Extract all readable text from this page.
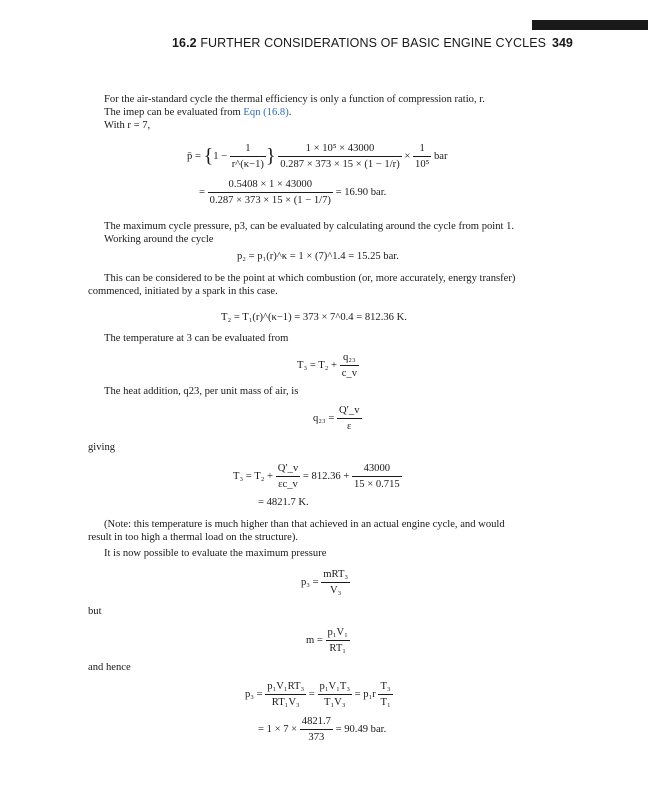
16.2 FURTHER CONSIDERATIONS OF BASIC ENGINE CYCLES 349
For the air-standard cycle the thermal efficiency is only a function of compression ratio, r.
The imep can be evaluated from Eqn (16.8).
With r = 7,
p̄ = {$1 - \frac{1}{r\^{}(\kappa-1)}$ } $\frac{\text{1 × 10⁵ × 43000}}{0.287 \times 373 \times 15 \times (1 - 1/r)} \times \frac{1}{\text{10⁵}}$ bar
= $\frac{0.5408 \times 1 \times 43000}{0.287 \times 373 \times 15 \times (1 - 1/7)} = 16.90$ bar.
The maximum cycle pressure, p3, can be evaluated by calculating around the cycle from point 1.
Working around the cycle
p₂ = p₁(r)^κ = 1 × (7)^1.4 = 15.25 bar.
This can be considered to be the point at which combustion (or, more accurately, energy transfer)
commenced, initiated by a spark in this case.
T₂ = T₁(r)^(κ−1) = 373 × 7^0.4 = 812.36 K.
The temperature at 3 can be evaluated from
$T_3 = T_2 + \frac{\text{q₂₃}}{c\_v}$
The heat addition, q23, per unit mass of air, is
$q_{23} = \frac{Q'\_v}{\varepsilon}$
giving
$T_3 = T_2 + \frac{Q'\_v}{\varepsilon c\_v} = 812.36 + \frac{43000}{15 \times 0.715}$
= 4821.7 K.
(Note: this temperature is much higher than that achieved in an actual engine cycle, and would
result in too high a thermal load on the structure).
It is now possible to evaluate the maximum pressure
$p_3 = \frac{\text{mRT₃}}{\text{V₃}}$
but
$m = \frac{\text{p₁V₁}}{\text{RT₁}}$
and hence
$p_3 = \frac{\text{p₁V₁RT₃}}{\text{RT₁V₃}} = \frac{\text{p₁V₁T₃}}{\text{T₁V₃}} = p_1r \frac{\text{T₃}}{\text{T₁}}$
= $1 \times 7 \times \frac{4821.7}{373} = 90.49$ bar.
